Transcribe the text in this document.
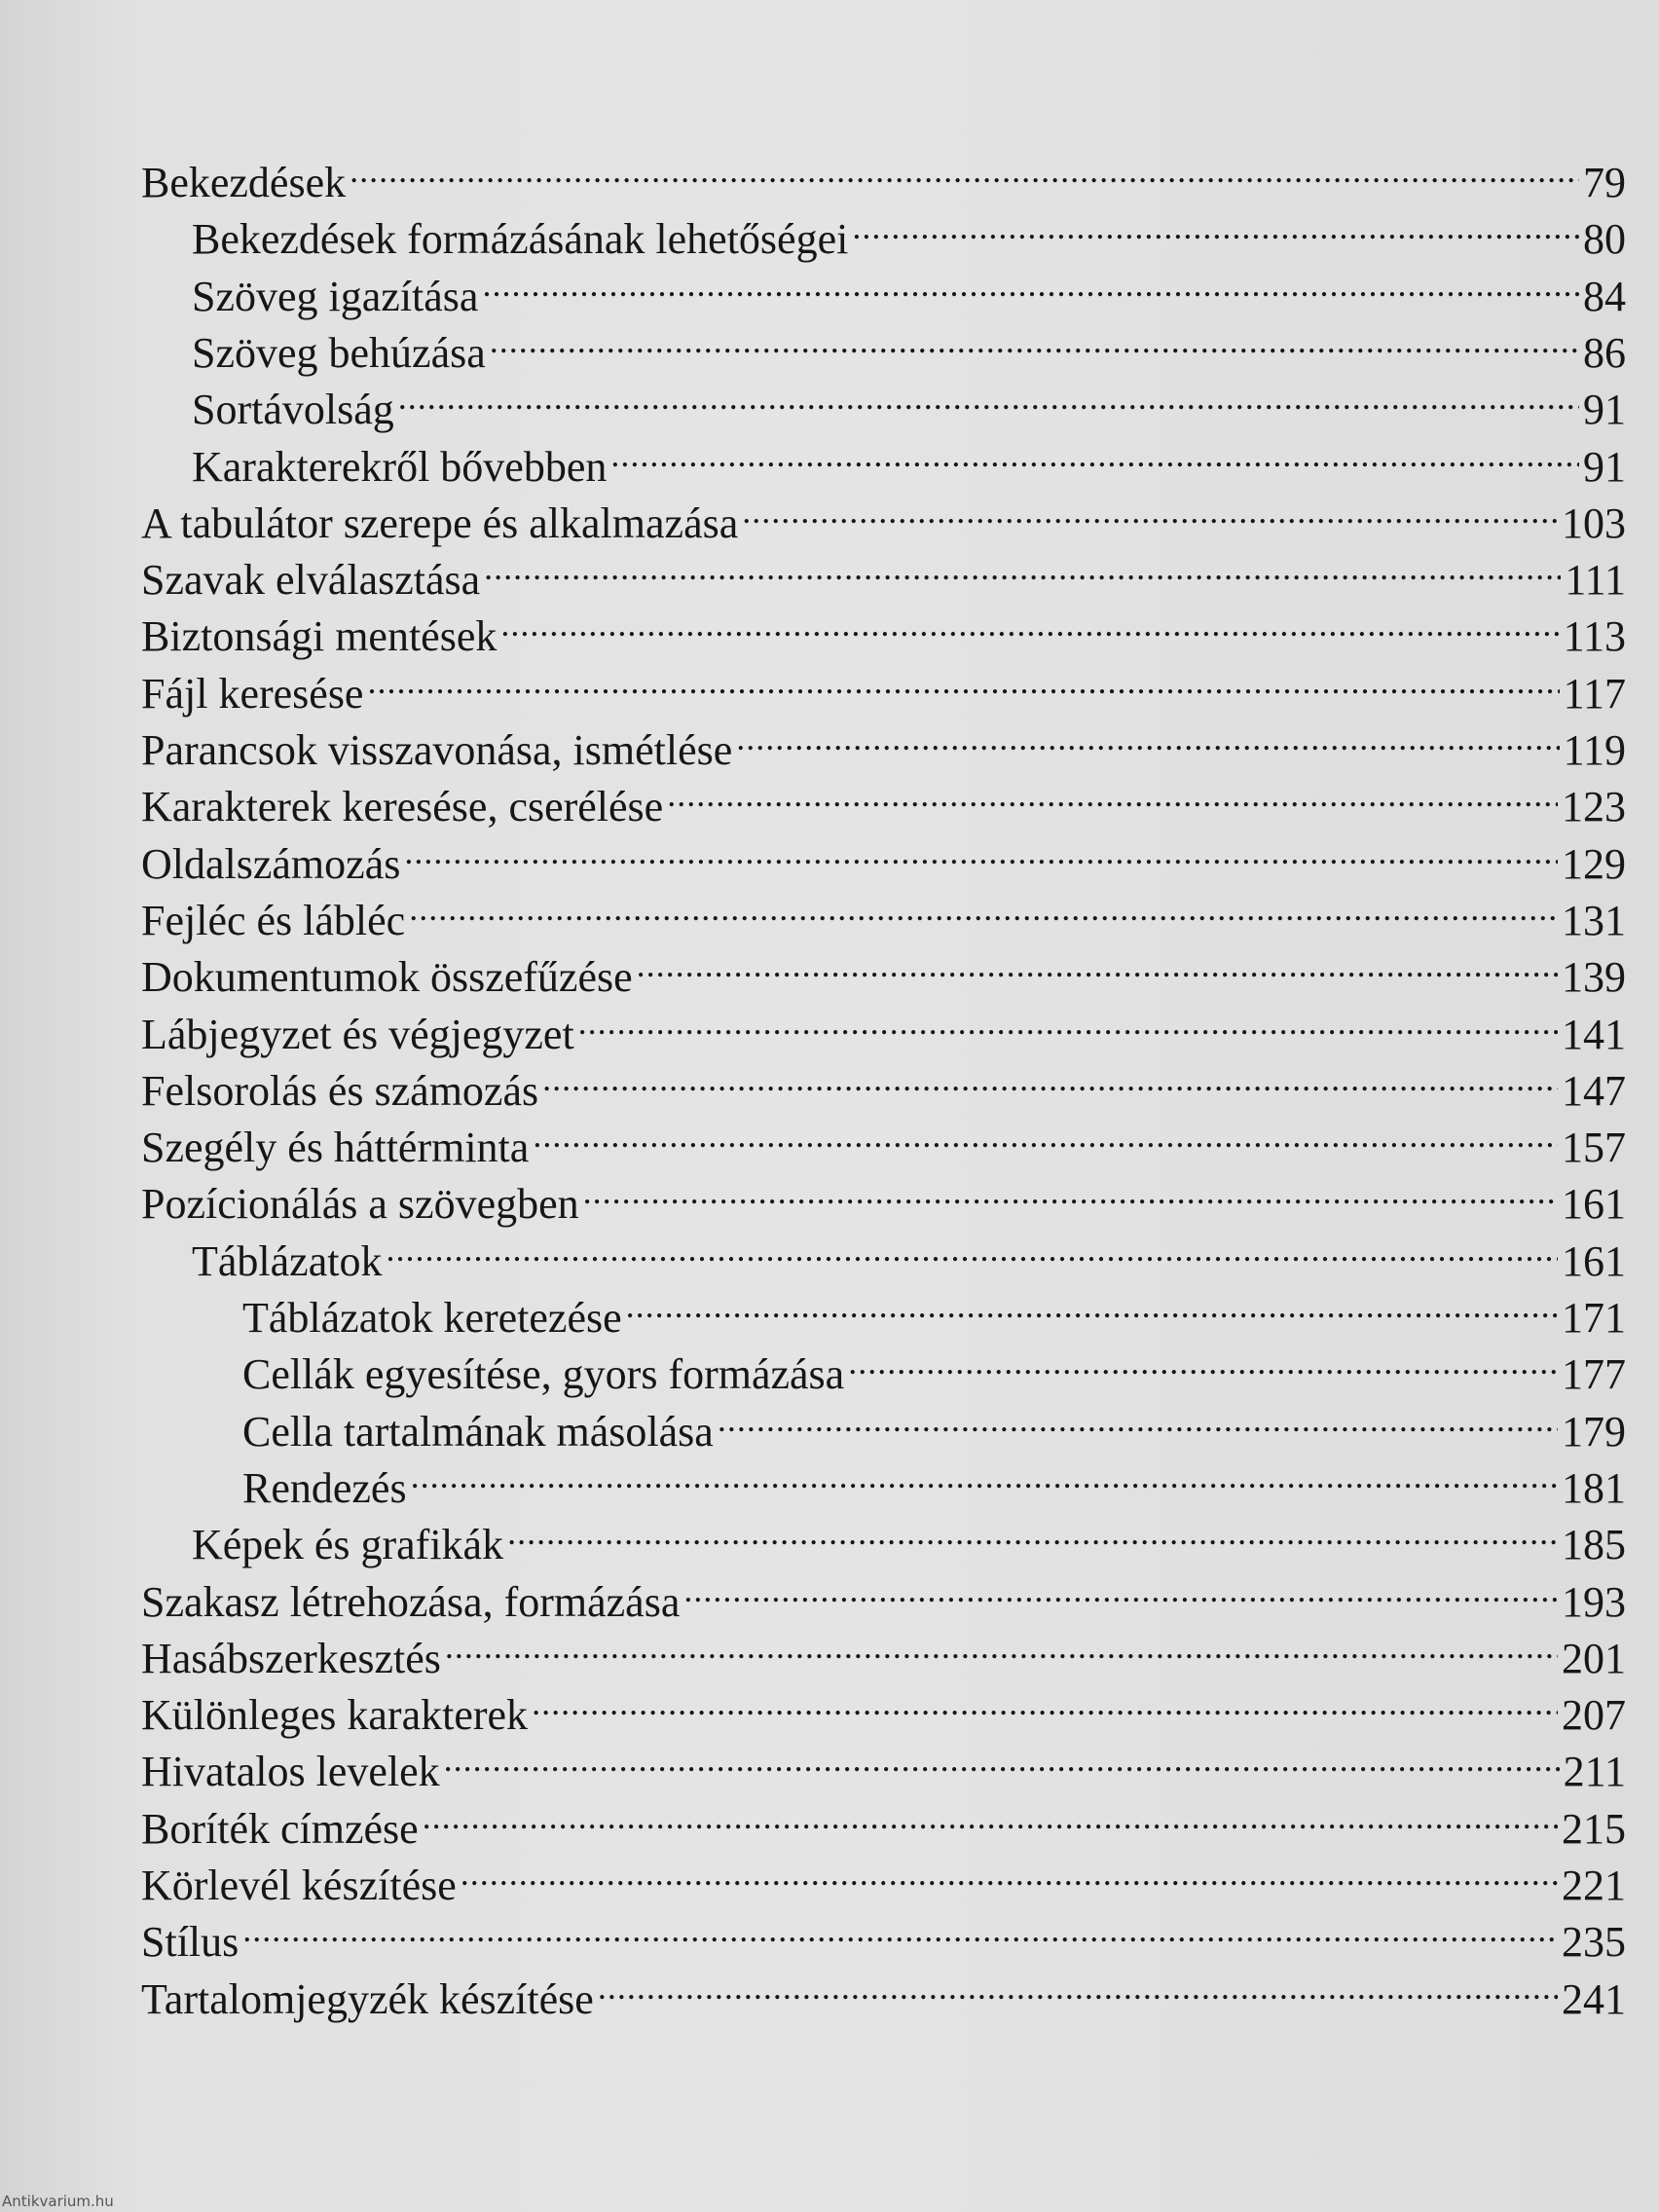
Bekezdések .....	79
Bekezdések formázásának lehetőségei .....	80
Szöveg igazítása .....	84
Szöveg behúzása .....	86
Sortávolság .....	91
Karakterekről bővebben .....	91
A tabulátor szerepe és alkalmazása .....	103
Szavak elválasztása .....	111
Biztonsági mentések .....	113
Fájl keresése .....	117
Parancsok visszavonása, ismétlése .....	119
Karakterek keresése, cserélése .....	123
Oldalszámozás .....	129
Fejléc és lábléc .....	131
Dokumentumok összefűzése .....	139
Lábjegyzet és végjegyzet .....	141
Felsorolás és számozás .....	147
Szegély és háttérminta .....	157
Pozícionálás a szövegben .....	161
Táblázatok .....	161
Táblázatok keretezése .....	171
Cellák egyesítése, gyors formázása .....	177
Cella tartalmának másolása .....	179
Rendezés .....	181
Képek és grafikák .....	185
Szakasz létrehozása, formázása .....	193
Hasábszerkesztés .....	201
Különleges karakterek .....	207
Hivatalos levelek .....	211
Boríték címzése .....	215
Körlevél készítése .....	221
Stílus .....	235
Tartalomjegyzék készítése .....	241
Antikvarium.hu
